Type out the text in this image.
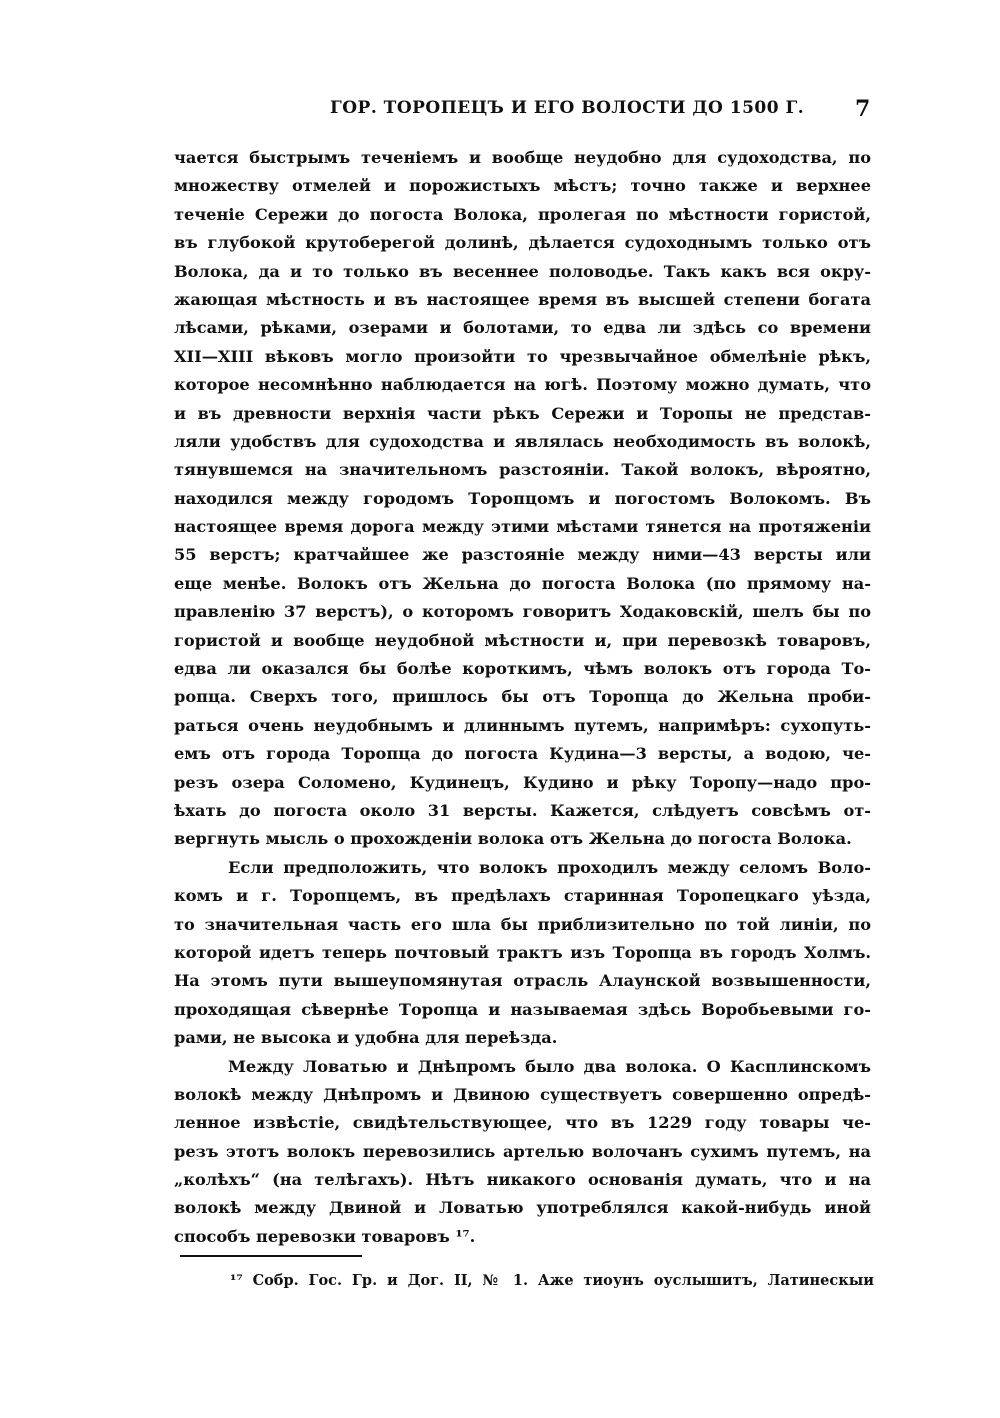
ГОР. ТОРОПЕЦЪ И ЕГО ВОЛОСТИ ДО 1500 Г. 7
чается быстрымъ теченіемъ и вообще неудобно для судоходства, по
множеству отмелей и порожистыхъ мѣстъ; точно также и верхнее
теченіе Сережи до погоста Волока, пролегая по мѣстности гористой,
въ глубокой крутоберегой долинѣ, дѣлается судоходнымъ только отъ
Волока, да и то только въ весеннее половодье. Такъ какъ вся окру-
жающая мѣстность и въ настоящее время въ высшей степени богата
лѣсами, рѣками, озерами и болотами, то едва ли здѣсь со времени
XII—XIII вѣковъ могло произойти то чрезвычайное обмелѣніе рѣкъ,
которое несомнѣнно наблюдается на югѣ. Поэтому можно думать, что
и въ древности верхнія части рѣкъ Сережи и Торопы не представ-
ляли удобствъ для судоходства и являлась необходимость въ волокѣ,
тянувшемся на значительномъ разстояніи. Такой волокъ, вѣроятно,
находился между городомъ Торопцомъ и погостомъ Волокомъ. Въ
настоящее время дорога между этими мѣстами тянется на протяженіи
55 верстъ; кратчайшее же разстояніе между ними—43 версты или
еще менѣе. Волокъ отъ Жельна до погоста Волока (по прямому на-
правленію 37 верстъ), о которомъ говоритъ Ходаковскій, шелъ бы по
гористой и вообще неудобной мѣстности и, при перевозкѣ товаровъ,
едва ли оказался бы болѣе короткимъ, чѣмъ волокъ отъ города То-
ропца. Сверхъ того, пришлось бы отъ Торопца до Жельна проби-
раться очень неудобнымъ и длиннымъ путемъ, напримѣръ: сухопуть-
емъ отъ города Торопца до погоста Кудина—3 версты, а водою, че-
резъ озера Соломено, Кудинецъ, Кудино и рѣку Торопу—надо про-
ѣхать до погоста около 31 версты. Кажется, слѣдуетъ совсѣмъ от-
вергнуть мысль о прохожденіи волока отъ Жельна до погоста Волока.
Если предположить, что волокъ проходилъ между селомъ Воло-
комъ и г. Торопцемъ, въ предѣлахъ старинная Торопецкаго уѣзда,
то значительная часть его шла бы приблизительно по той линіи, по
которой идетъ теперь почтовый трактъ изъ Торопца въ городъ Холмъ.
На этомъ пути вышеупомянутая отрасль Алаунской возвышенности,
проходящая сѣвернѣе Торопца и называемая здѣсь Воробьевыми го-
рами, не высока и удобна для переѣзда.
Между Ловатью и Днѣпромъ было два волока. О Касплинскомъ
волокѣ между Днѣпромъ и Двиною существуетъ совершенно опредѣ-
ленное извѣстіе, свидѣтельствующее, что въ 1229 году товары че-
резъ этотъ волокъ перевозились артелью волочанъ сухимъ путемъ, на
„колѣхъ“ (на телѣгахъ). Нѣтъ никакого основанія думать, что и на
волокѣ между Двиной и Ловатью употреблялся какой-нибудь иной
способъ перевозки товаровъ ¹⁷.
¹⁷ Собр. Гос. Гр. и Дог. II, № 1. Аже тиоунъ оуслышитъ, Латинескыи
